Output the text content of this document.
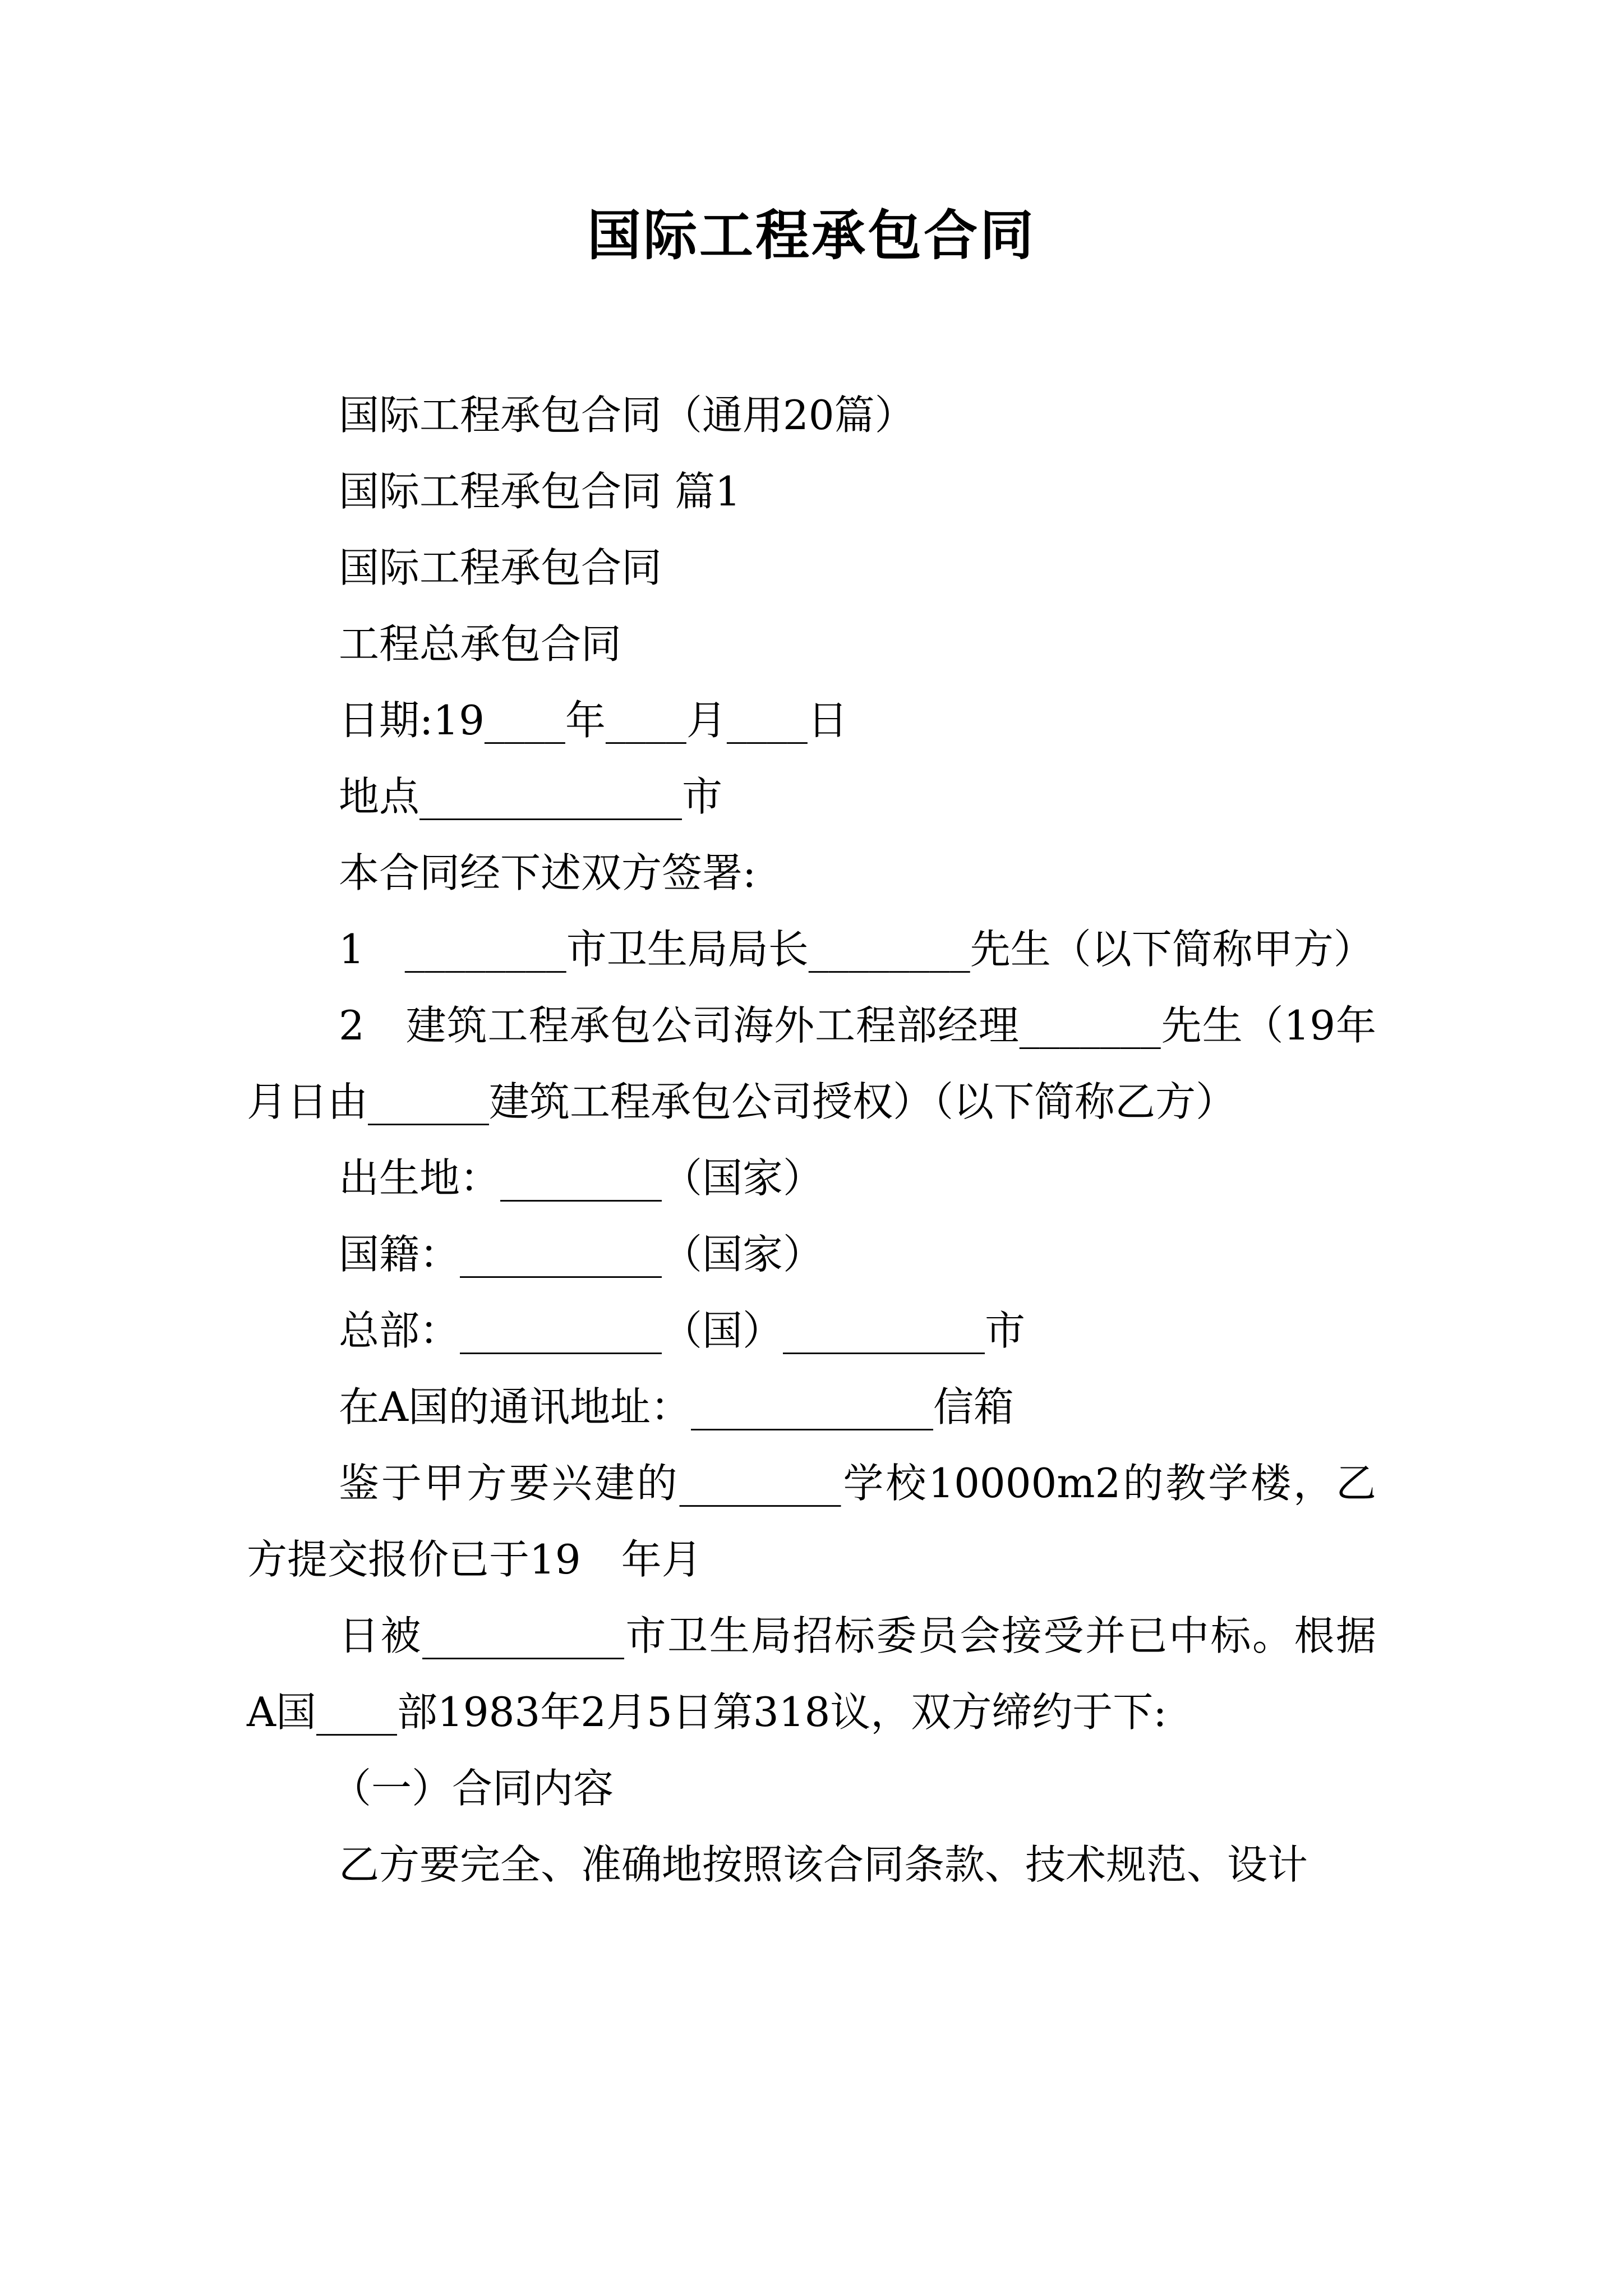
国际工程承包合同

国际工程承包合同（通用20篇）

国际工程承包合同 篇1

国际工程承包合同

工程总承包合同

日期:19____年____月____日

地点_____________市

本合同经下述双方签署:

1　________市卫生局局长________先生（以下简称甲方）

2　建筑工程承包公司海外工程部经理_______先生（19年月日由______建筑工程承包公司授权）（以下简称乙方）

出生地：________（国家）

国籍：__________（国家）

总部：__________（国）__________市

在A国的通讯地址：____________信箱

鉴于甲方要兴建的________学校10000m2的教学楼，乙方提交报价已于19　年月

日被__________市卫生局招标委员会接受并已中标。根据A国____部1983年2月5日第318议，双方缔约于下:

（一）合同内容

乙方要完全、准确地按照该合同条款、技术规范、设计
